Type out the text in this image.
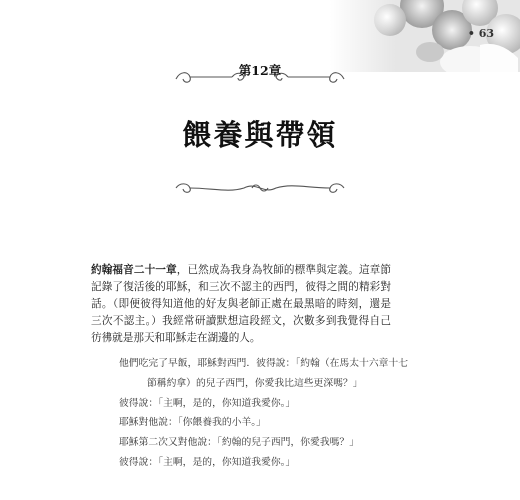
• 63
第12章
餵養與帶領
約翰福音二十一章，已然成為我身為牧師的標準與定義。這章節記錄了復活後的耶穌，和三次不認主的西門，彼得之間的精彩對話。（即便彼得知道他的好友與老師正處在最黑暗的時刻，還是三次不認主。）我經常研讀默想這段經文，次數多到我覺得自己彷彿就是那天和耶穌走在湖邊的人。

他們吃完了早飯，耶穌對西門．彼得說：「約翰（在馬太十六章十七節稱約拿）的兒子西門，你愛我比這些更深嗎？」

彼得說：「主啊，是的，你知道我愛你。」

耶穌對他說：「你餵養我的小羊。」

耶穌第二次又對他說：「約翰的兒子西門，你愛我嗎？」

彼得說：「主啊，是的，你知道我愛你。」
